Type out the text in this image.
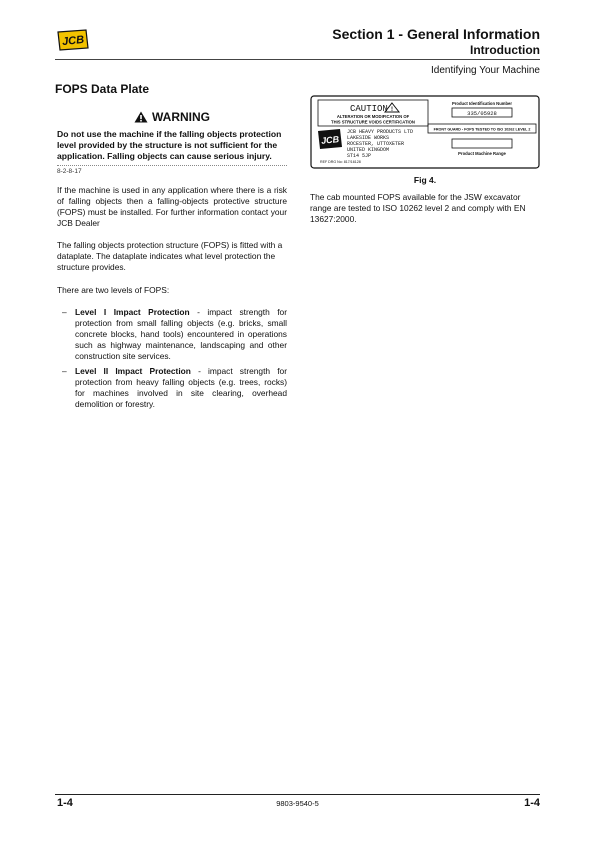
JCB	Section 1 - General Information
Introduction
Identifying Your Machine
FOPS Data Plate
WARNING
Do not use the machine if the falling objects protection level provided by the structure is not sufficient for the application. Falling objects can cause serious injury.
8-2-8-17
If the machine is used in any application where there is a risk of falling objects then a falling-objects protective structure (FOPS) must be installed. For further information contact your JCB Dealer
The falling objects protection structure (FOPS) is fitted with a dataplate. The dataplate indicates what level protection the structure provides.
There are two levels of FOPS:
– Level I Impact Protection - impact strength for protection from small falling objects (e.g. bricks, small concrete blocks, hand tools) encountered in operations such as highway maintenance, landscaping and other construction site services.
– Level II Impact Protection - impact strength for protection from heavy falling objects (e.g. trees, rocks) for machines involved in site clearing, overhead demolition or forestry.
CAUTION !
ALTERATION OR MODIFICATION OF
THIS STRUCTURE VOIDS CERTIFICATION
JCB
JCB HEAVY PRODUCTS LTD
LAKESIDE WORKS
ROCESTER, UTTOXETER
UNITED KINGDOM
ST14 5JP
REF DRG No: 817/16128
Product Identification Number
335/05928
FRONT GUARD - FOPS TESTED TO ISO 10262 LEVEL 2
Product Machine Range
Fig 4.
The cab mounted FOPS available for the JSW excavator range are tested to ISO 10262 level 2 and comply with EN 13627:2000.
1-4	9803-9540-5	1-4
